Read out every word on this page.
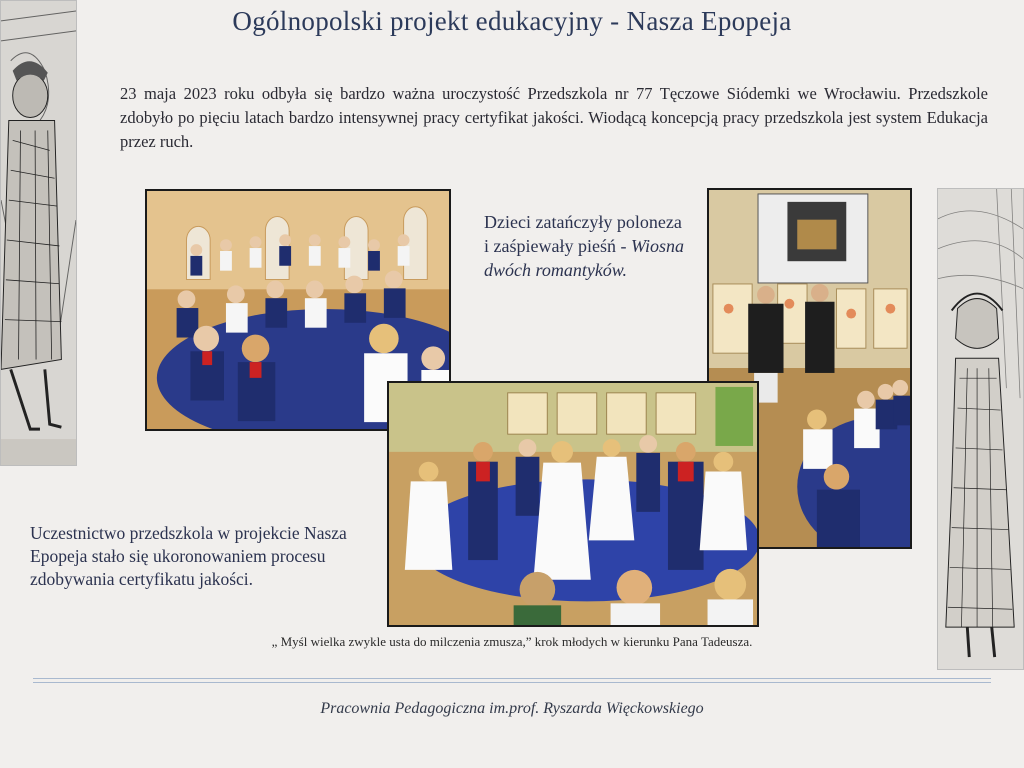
Ogólnopolski projekt edukacyjny - Nasza Epopeja
23 maja 2023 roku odbyła się bardzo ważna uroczystość Przedszkola nr 77 Tęczowe Siódemki we Wrocławiu. Przedszkole zdobyło po pięciu latach bardzo intensywnej pracy certyfikat jakości. Wiodącą koncepcją pracy przedszkola jest system Edukacja przez ruch.
Dzieci zatańczyły poloneza i zaśpiewały pieśń - Wiosna dwóch romantyków.
Uczestnictwo przedszkola w projekcie Nasza Epopeja stało się ukoronowaniem procesu zdobywania certyfikatu jakości.
„ Myśl wielka zwykle usta do milczenia zmusza,” krok młodych w kierunku Pana Tadeusza.
Pracownia Pedagogiczna im.prof. Ryszarda Więckowskiego
